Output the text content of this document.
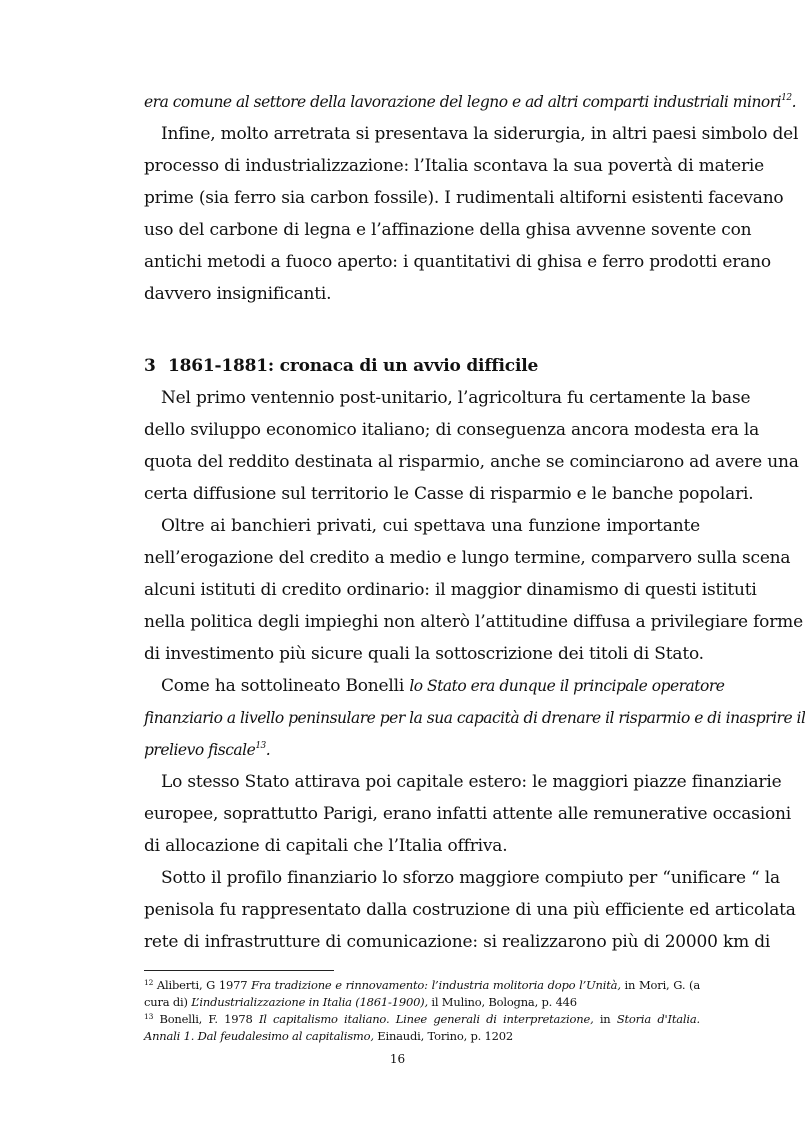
era comune al settore della lavorazione del legno e ad altri comparti industriali minori$^{12}$.
Infine, molto arretrata si presentava la siderurgia, in altri paesi simbolo del
processo di industrializzazione: l’Italia scontava la sua povertà di materie
prime (sia ferro sia carbon fossile). I rudimentali altiforni esistenti facevano
uso del carbone di legna e l’affinazione della ghisa avvenne sovente con
antichi metodi a fuoco aperto: i quantitativi di ghisa e ferro prodotti erano
davvero insignificanti.
3 1861-1881: cronaca di un avvio difficile
Nel primo ventennio post-unitario, l’agricoltura fu certamente la base
dello sviluppo economico italiano; di conseguenza ancora modesta era la
quota del reddito destinata al risparmio, anche se cominciarono ad avere una
certa diffusione sul territorio le Casse di risparmio e le banche popolari.
Oltre ai banchieri privati, cui spettava una funzione importante
nell’erogazione del credito a medio e lungo termine, comparvero sulla scena
alcuni istituti di credito ordinario: il maggior dinamismo di questi istituti
nella politica degli impieghi non alterò l’attitudine diffusa a privilegiare forme
di investimento più sicure quali la sottoscrizione dei titoli di Stato.
Come ha sottolineato Bonelli lo Stato era dunque il principale operatore
finanziario a livello peninsulare per la sua capacità di drenare il risparmio e di inasprire il
prelievo fiscale$^{13}$.
Lo stesso Stato attirava poi capitale estero: le maggiori piazze finanziarie
europee, soprattutto Parigi, erano infatti attente alle remunerative occasioni
di allocazione di capitali che l’Italia offriva.
Sotto il profilo finanziario lo sforzo maggiore compiuto per “unificare “ la
penisola fu rappresentato dalla costruzione di una più efficiente ed articolata
rete di infrastrutture di comunicazione: si realizzarono più di 20000 km di
$^{12}$ Aliberti, G 1977 Fra tradizione e rinnovamento: l’industria molitoria dopo l’Unità, in Mori, G. (a cura di) L’industrializzazione in Italia (1861-1900), il Mulino, Bologna, p. 446
$^{13}$ Bonelli, F. 1978 Il capitalismo italiano. Linee generali di interpretazione, in Storia d'Italia. Annali 1. Dal feudalesimo al capitalismo, Einaudi, Torino, p. 1202
16
